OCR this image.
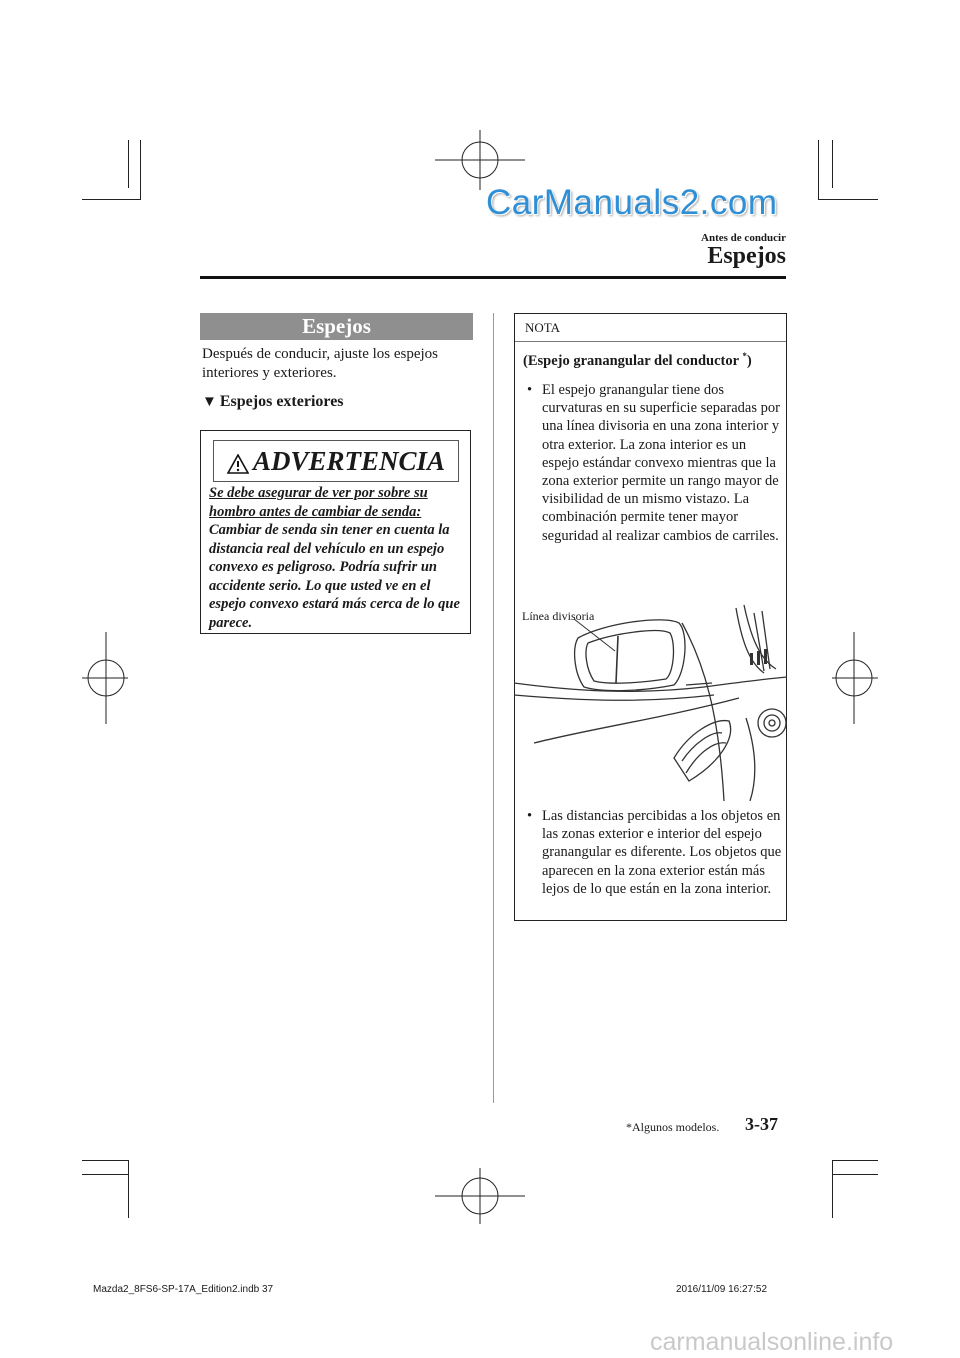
CarManuals2.com
Antes de conducir
Espejos
Espejos
Después de conducir, ajuste los espejos interiores y exteriores.
▼ Espejos exteriores
ADVERTENCIA
Se debe asegurar de ver por sobre su hombro antes de cambiar de senda: Cambiar de senda sin tener en cuenta la distancia real del vehículo en un espejo convexo es peligroso. Podría sufrir un accidente serio. Lo que usted ve en el espejo convexo estará más cerca de lo que parece.
NOTA
(Espejo granangular del conductor *)
• El espejo granangular tiene dos curvaturas en su superficie separadas por una línea divisoria en una zona interior y otra exterior. La zona interior es un espejo estándar convexo mientras que la zona exterior permite un rango mayor de visibilidad de un mismo vistazo. La combinación permite tener mayor seguridad al realizar cambios de carriles.
• Las distancias percibidas a los objetos en las zonas exterior e interior del espejo granangular es diferente. Los objetos que aparecen en la zona exterior están más lejos de lo que están en la zona interior.
Línea divisoria
*Algunos modelos. 3-37
Mazda2_8FS6-SP-17A_Edition2.indb 37	2016/11/09 16:27:52
carmanualsonline.info
